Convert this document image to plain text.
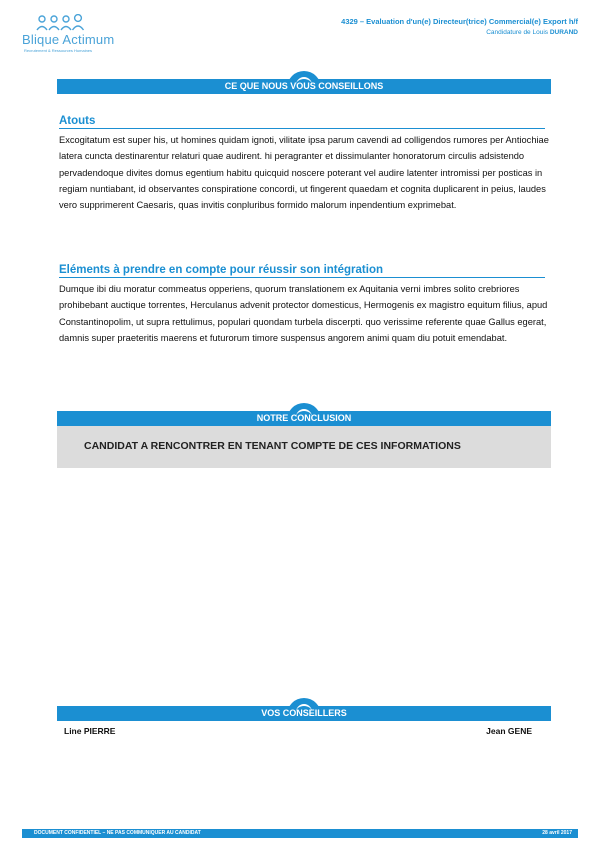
Blique Actimum
Recrutement & Ressources Humaines
4329 – Evaluation d'un(e) Directeur(trice) Commercial(e) Export h/f
Candidature de Louis DURAND
CE QUE NOUS VOUS CONSEILLONS
Atouts
Excogitatum est super his, ut homines quidam ignoti, vilitate ipsa parum cavendi ad colligendos rumores per Antiochiae latera cuncta destinarentur relaturi quae audirent. hi peragranter et dissimulanter honoratorum circulis adsistendo pervadendoque divites domus egentium habitu quicquid noscere poterant vel audire latenter intromissi per posticas in regiam nuntiabant, id observantes conspiratione concordi, ut fingerent quaedam et cognita duplicarent in peius, laudes vero supprimerent Caesaris, quas invitis conpluribus formido malorum inpendentium exprimebat.
Eléments à prendre en compte pour réussir son intégration
Dumque ibi diu moratur commeatus opperiens, quorum translationem ex Aquitania verni imbres solito crebriores prohibebant auctique torrentes, Herculanus advenit protector domesticus, Hermogenis ex magistro equitum filius, apud Constantinopolim, ut supra rettulimus, populari quondam turbela discerpti. quo verissime referente quae Gallus egerat, damnis super praeteritis maerens et futurorum timore suspensus angorem animi quam diu potuit emendabat.
NOTRE CONCLUSION
CANDIDAT A RENCONTRER EN TENANT COMPTE DE CES INFORMATIONS
VOS CONSEILLERS
Line PIERRE	Jean GENE
DOCUMENT CONFIDENTIEL – NE PAS COMMUNIQUER AU CANDIDAT	28 avril 2017
